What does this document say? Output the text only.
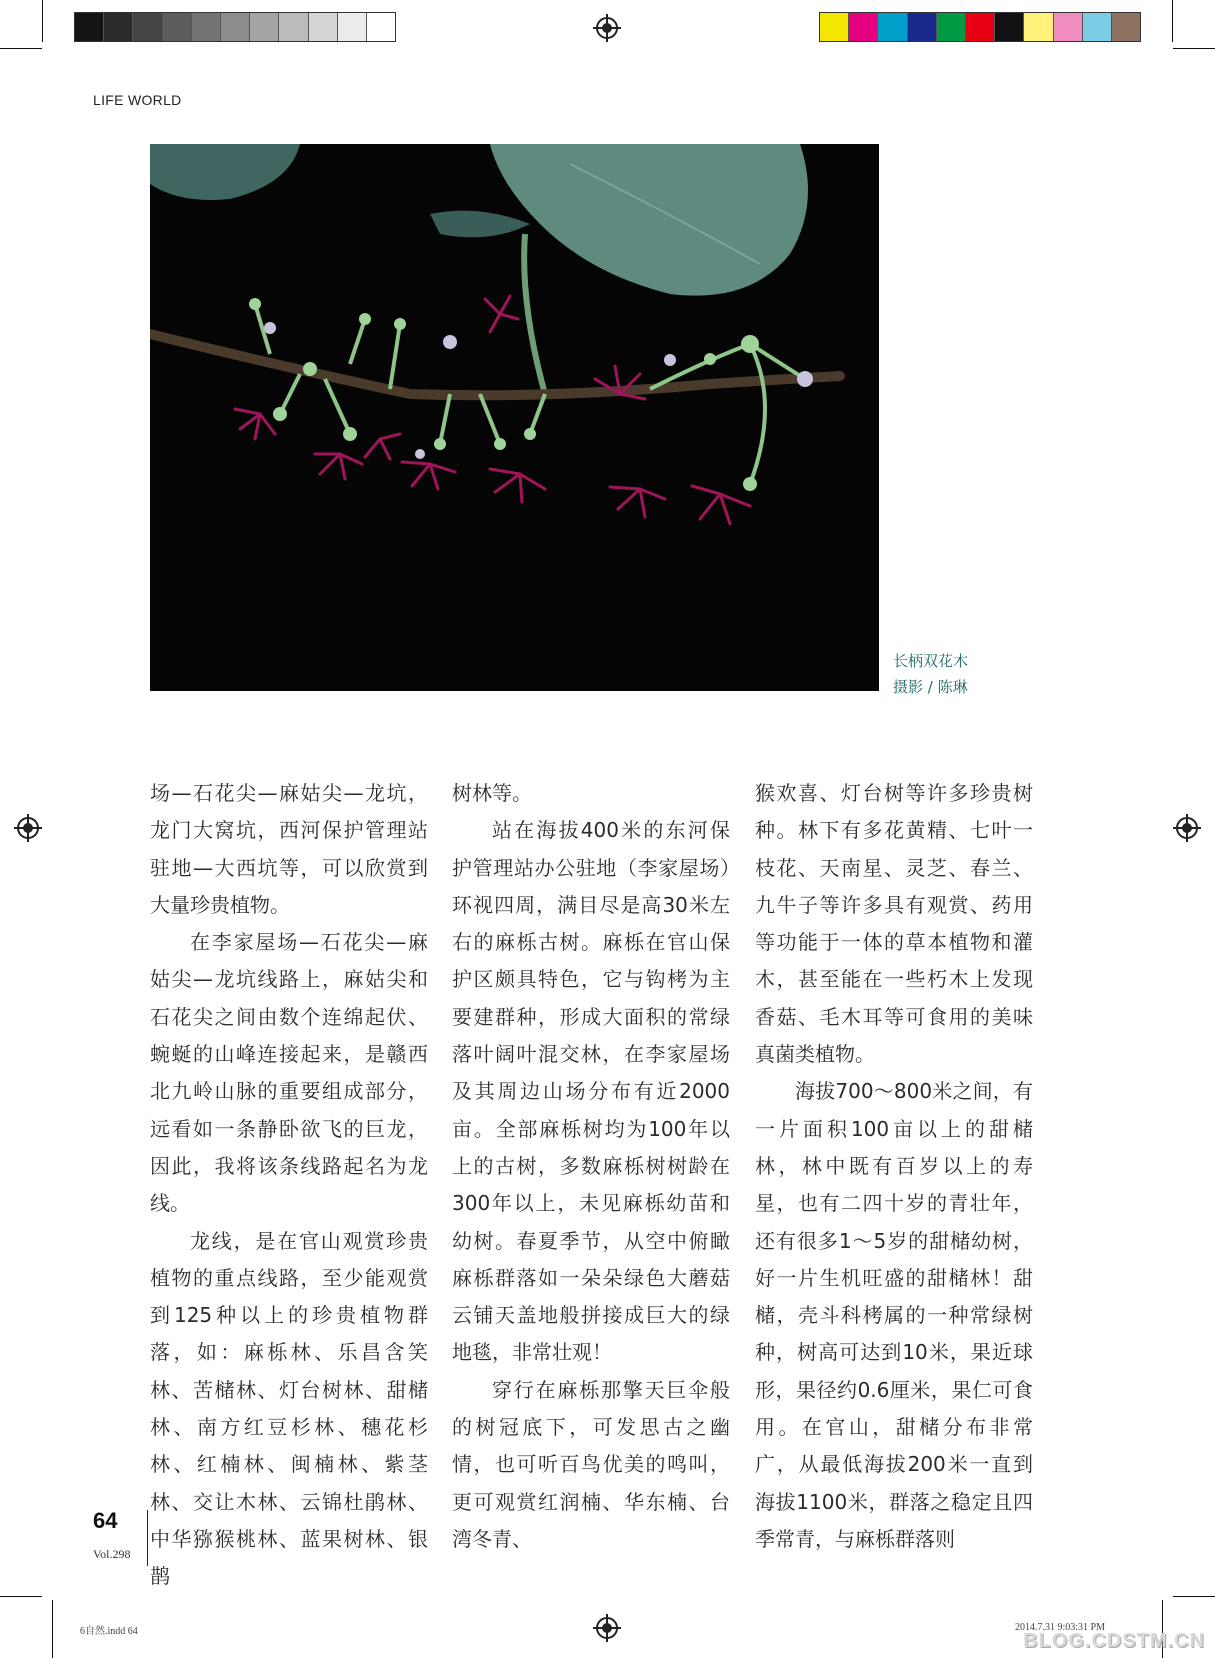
LIFE WORLD
长柄双花木
摄影 / 陈琳

场—石花尖—麻姑尖—龙坑，龙门大窝坑，西河保护管理站驻地—大西坑等，可以欣赏到大量珍贵植物。

在李家屋场—石花尖—麻姑尖—龙坑线路上，麻姑尖和石花尖之间由数个连绵起伏、蜿蜒的山峰连接起来，是赣西北九岭山脉的重要组成部分，远看如一条静卧欲飞的巨龙，因此，我将该条线路起名为龙线。

龙线，是在官山观赏珍贵植物的重点线路，至少能观赏到125种以上的珍贵植物群落，如：麻栎林、乐昌含笑林、苦槠林、灯台树林、甜槠林、南方红豆杉林、穗花杉林、红楠林、闽楠林、紫茎林、交让木林、云锦杜鹃林、中华猕猴桃林、蓝果树林、银鹊

树林等。

站在海拔400米的东河保护管理站办公驻地（李家屋场）环视四周，满目尽是高30米左右的麻栎古树。麻栎在官山保护区颇具特色，它与钩栲为主要建群种，形成大面积的常绿落叶阔叶混交林，在李家屋场及其周边山场分布有近2000亩。全部麻栎树均为100年以上的古树，多数麻栎树树龄在300年以上，未见麻栎幼苗和幼树。春夏季节，从空中俯瞰麻栎群落如一朵朵绿色大蘑菇云铺天盖地般拼接成巨大的绿地毯，非常壮观！

穿行在麻栎那擎天巨伞般的树冠底下，可发思古之幽情，也可听百鸟优美的鸣叫，更可观赏红润楠、华东楠、台湾冬青、

猴欢喜、灯台树等许多珍贵树种。林下有多花黄精、七叶一枝花、天南星、灵芝、春兰、九牛子等许多具有观赏、药用等功能于一体的草本植物和灌木，甚至能在一些朽木上发现香菇、毛木耳等可食用的美味真菌类植物。

海拔700～800米之间，有一片面积100亩以上的甜槠林，林中既有百岁以上的寿星，也有二四十岁的青壮年，还有很多1～5岁的甜槠幼树，好一片生机旺盛的甜槠林！甜槠，壳斗科栲属的一种常绿树种，树高可达到10米，果近球形，果径约0.6厘米，果仁可食用。在官山，甜槠分布非常广，从最低海拔200米一直到海拔1100米，群落之稳定且四季常青，与麻栎群落则

64
Vol.298
6自然.indd 64	2014.7.31 9:03:31 PM
BLOG.CDSTM.CN
